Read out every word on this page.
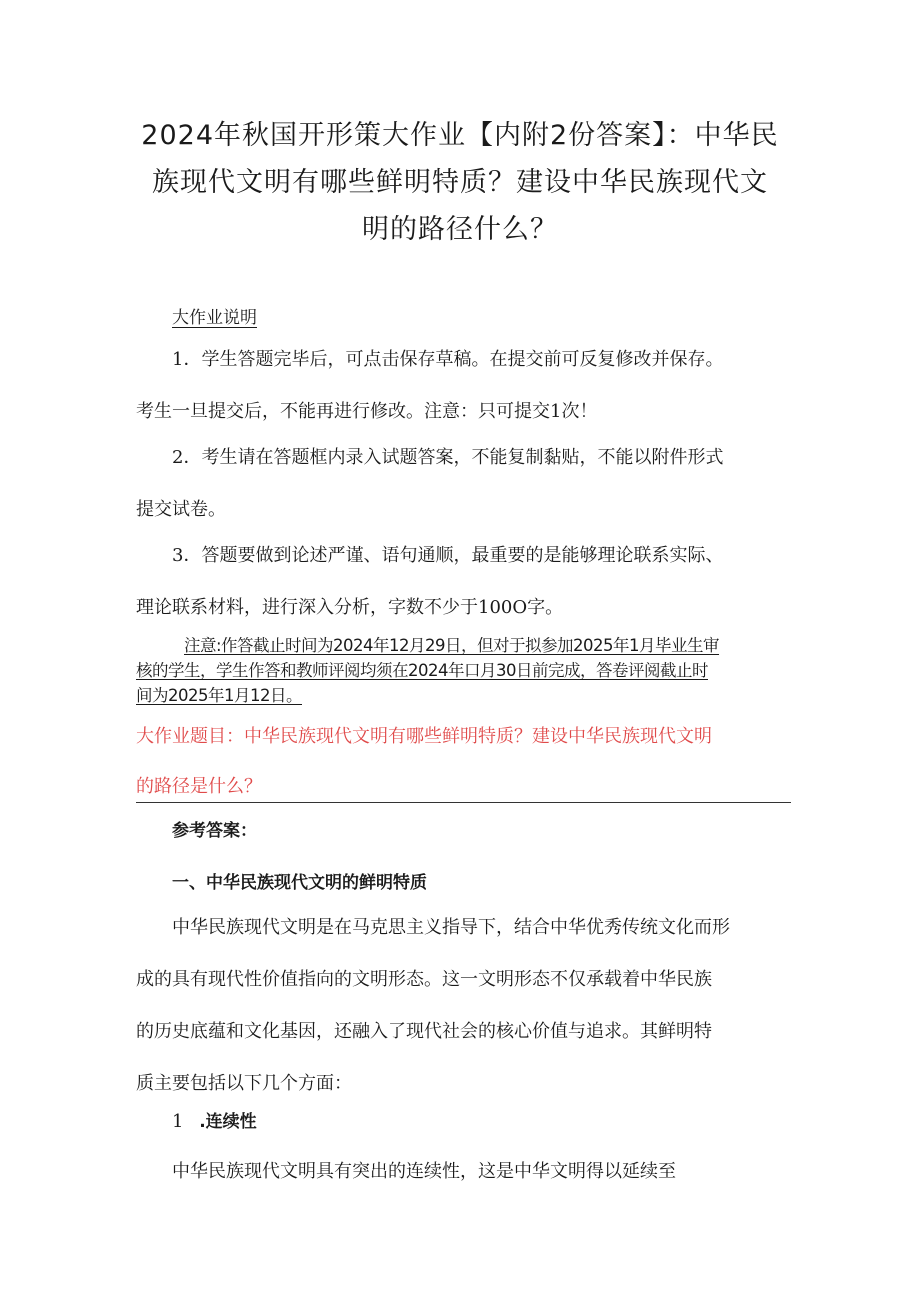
2024年秋国开形策大作业【内附2份答案】：中华民
族现代文明有哪些鲜明特质？建设中华民族现代文
明的路径什么？
大作业说明

1．学生答题完毕后，可点击保存草稿。在提交前可反复修改并保存。
考生一旦提交后，不能再进行修改。注意：只可提交1次！

2．考生请在答题框内录入试题答案，不能复制黏贴，不能以附件形式
提交试卷。

3．答题要做到论述严谨、语句通顺，最重要的是能够理论联系实际、
理论联系材料，进行深入分析，字数不少于100O字。

注意:作答截止时间为2024年12月29日，但对于拟参加2025年1月毕业生审
核的学生，学生作答和教师评阅均须在2024年口月30日前完成，答卷评阅截止时
间为2025年1月12日。

大作业题目：中华民族现代文明有哪些鲜明特质？建设中华民族现代文明
的路径是什么？

参考答案：

一、中华民族现代文明的鲜明特质

中华民族现代文明是在马克思主义指导下，结合中华优秀传统文化而形
成的具有现代性价值指向的文明形态。这一文明形态不仅承载着中华民族
的历史底蕴和文化基因，还融入了现代社会的核心价值与追求。其鲜明特
质主要包括以下几个方面：

1 .连续性

中华民族现代文明具有突出的连续性，这是中华文明得以延续至
